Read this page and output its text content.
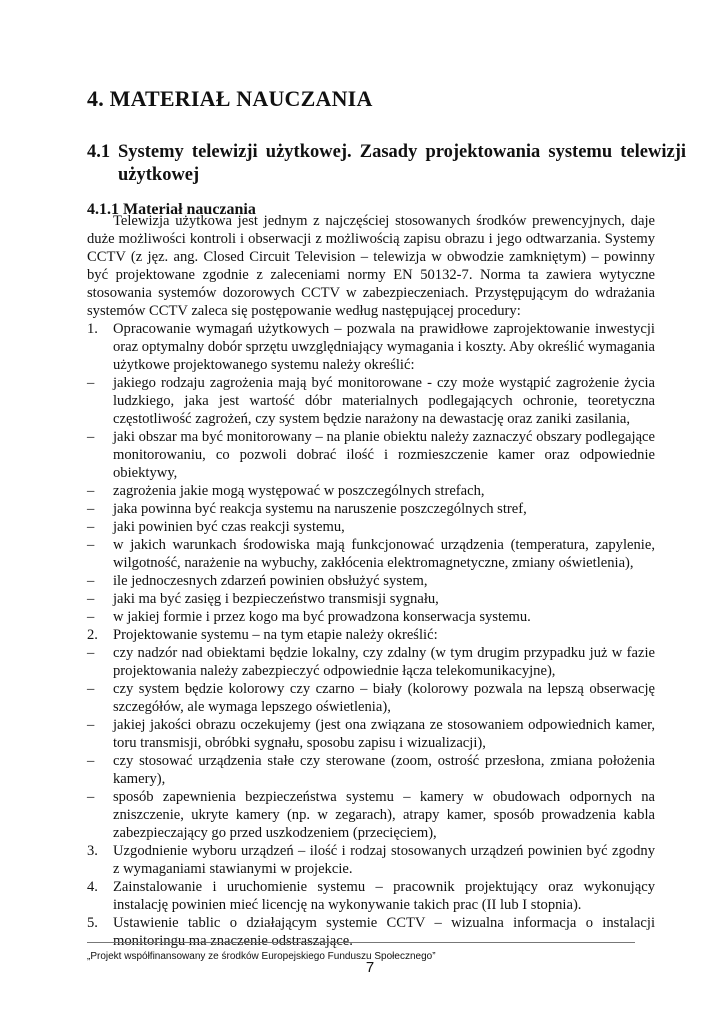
4. MATERIAŁ NAUCZANIA
4.1 Systemy telewizji użytkowej. Zasady projektowania systemu telewizji użytkowej
4.1.1 Materiał nauczania

Telewizja użytkowa jest jednym z najczęściej stosowanych środków prewencyjnych, daje duże możliwości kontroli i obserwacji z możliwością zapisu obrazu i jego odtwarzania. Systemy CCTV (z jęz. ang. Closed Circuit Television – telewizja w obwodzie zamkniętym) – powinny być projektowane zgodnie z zaleceniami normy EN 50132-7. Norma ta zawiera wytyczne stosowania systemów dozorowych CCTV w zabezpieczeniach. Przystępującym do wdrażania systemów CCTV zaleca się postępowanie według następującej procedury:

1.	Opracowanie wymagań użytkowych – pozwala na prawidłowe zaprojektowanie inwestycji oraz optymalny dobór sprzętu uwzględniający wymagania i koszty. Aby określić wymagania użytkowe projektowanego systemu należy określić:
–	jakiego rodzaju zagrożenia mają być monitorowane - czy może wystąpić zagrożenie życia ludzkiego, jaka jest wartość dóbr materialnych podlegających ochronie, teoretyczna częstotliwość zagrożeń, czy system będzie narażony na dewastację oraz zaniki zasilania,
–	jaki obszar ma być monitorowany – na planie obiektu należy zaznaczyć obszary podlegające monitorowaniu, co pozwoli dobrać ilość i rozmieszczenie kamer oraz odpowiednie obiektywy,
–	zagrożenia jakie mogą występować w poszczególnych strefach,
–	jaka powinna być reakcja systemu na naruszenie poszczególnych stref,
–	jaki powinien być czas reakcji systemu,
–	w jakich warunkach środowiska mają funkcjonować urządzenia (temperatura, zapylenie, wilgotność, narażenie na wybuchy, zakłócenia elektromagnetyczne, zmiany oświetlenia),
–	ile jednoczesnych zdarzeń powinien obsłużyć system,
–	jaki ma być zasięg i bezpieczeństwo transmisji sygnału,
–	w jakiej formie i przez kogo ma być prowadzona konserwacja systemu.
2.	Projektowanie systemu – na tym etapie należy określić:
–	czy nadzór nad obiektami będzie lokalny, czy zdalny (w tym drugim przypadku już w fazie projektowania należy zabezpieczyć odpowiednie łącza telekomunikacyjne),
–	czy system będzie kolorowy czy czarno – biały (kolorowy pozwala na lepszą obserwację szczegółów, ale wymaga lepszego oświetlenia),
–	jakiej jakości obrazu oczekujemy (jest ona związana ze stosowaniem odpowiednich kamer, toru transmisji, obróbki sygnału, sposobu zapisu i wizualizacji),
–	czy stosować urządzenia stałe czy sterowane (zoom, ostrość przesłona, zmiana położenia kamery),
–	sposób zapewnienia bezpieczeństwa systemu – kamery w obudowach odpornych na zniszczenie, ukryte kamery (np. w zegarach), atrapy kamer, sposób prowadzenia kabla zabezpieczający go przed uszkodzeniem (przecięciem),
3.	Uzgodnienie wyboru urządzeń – ilość i rodzaj stosowanych urządzeń powinien być zgodny z wymaganiami stawianymi w projekcie.
4.	Zainstalowanie i uruchomienie systemu – pracownik projektujący oraz wykonujący instalację powinien mieć licencję na wykonywanie takich prac (II lub I stopnia).
5.	Ustawienie tablic o działającym systemie CCTV – wizualna informacja o instalacji monitoringu ma znaczenie odstraszające.
„Projekt współfinansowany ze środków Europejskiego Funduszu Społecznego”
7
